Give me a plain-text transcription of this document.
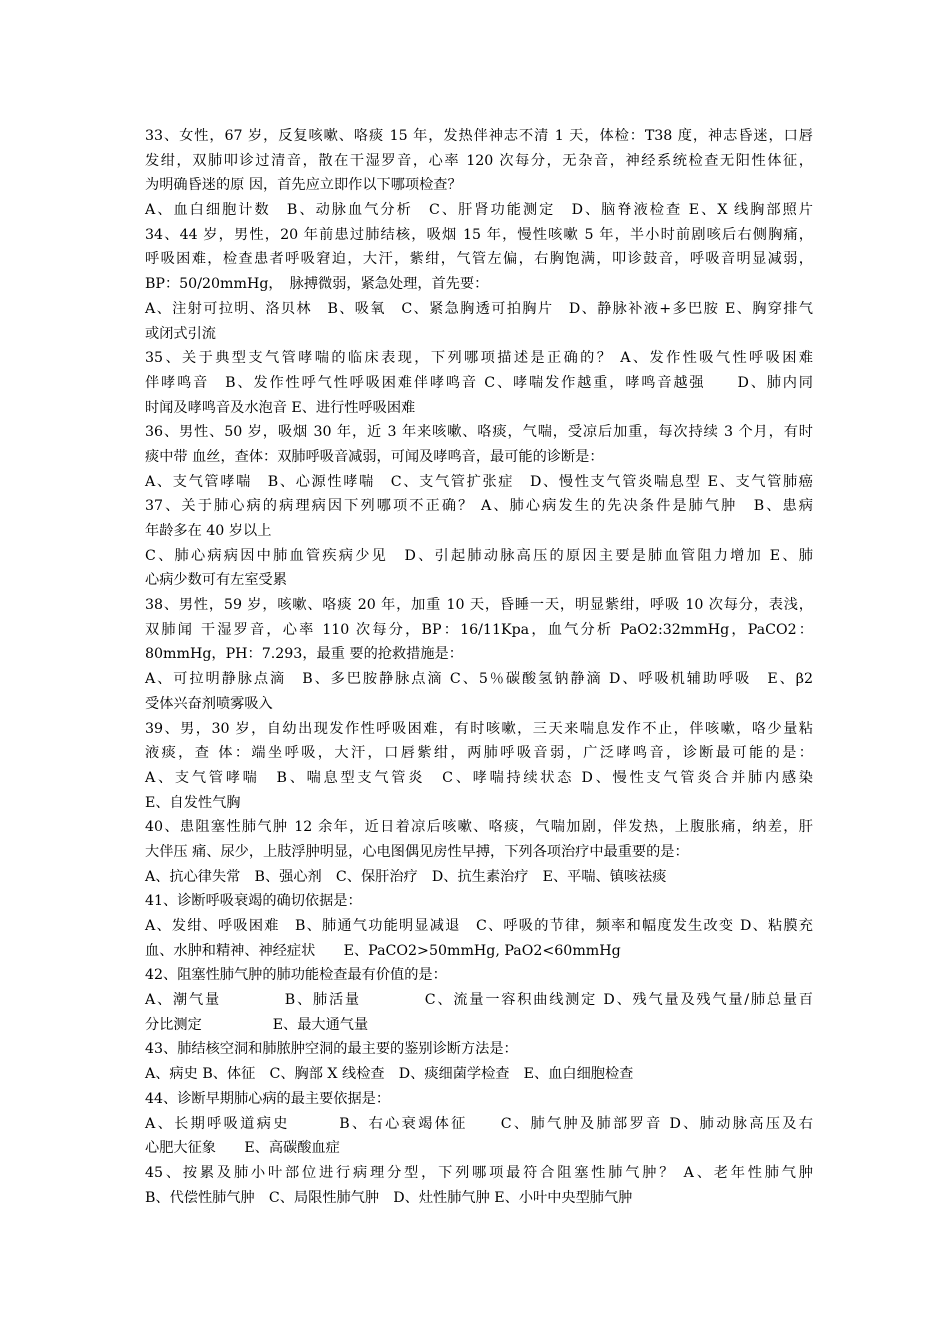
33、女性，67 岁，反复咳嗽、咯痰 15 年，发热伴神志不清 1 天，体检：T38 度，神志昏迷，口唇
发绀，双肺叩诊过清音，散在干湿罗音，心率 120 次每分，无杂音，神经系统检查无阳性体征，
为明确昏迷的原 因，首先应立即作以下哪项检查？
A、血白细胞计数　B、动脉血气分析　C、肝肾功能测定　D、脑脊液检查 E、X 线胸部照片
34、44 岁，男性，20 年前患过肺结核，吸烟 15 年，慢性咳嗽 5 年，半小时前剧咳后右侧胸痛，
呼吸困难，检查患者呼吸窘迫，大汗，紫绀，气管左偏，右胸饱满，叩诊鼓音，呼吸音明显减弱，
BP：50/20mmHg，　脉搏微弱，紧急处理，首先要：
A、注射可拉明、洛贝林　B、吸氧　C、紧急胸透可拍胸片　D、静脉补液+多巴胺 E、胸穿排气
或闭式引流
35、关于典型支气管哮喘的临床表现，下列哪项描述是正确的？ A、发作性吸气性呼吸困难
伴哮鸣音　B、发作性呼气性呼吸困难伴哮鸣音 C、哮喘发作越重，哮鸣音越强　　D、肺内同
时闻及哮鸣音及水泡音 E、进行性呼吸困难
36、男性、50 岁，吸烟 30 年，近 3 年来咳嗽、咯痰，气喘，受凉后加重，每次持续 3 个月，有时
痰中带 血丝，查体：双肺呼吸音减弱，可闻及哮鸣音，最可能的诊断是：
A、支气管哮喘　B、心源性哮喘　C、支气管扩张症　D、慢性支气管炎喘息型 E、支气管肺癌
37、关于肺心病的病理病因下列哪项不正确？ A、肺心病发生的先决条件是肺气肿　B、患病
年龄多在 40 岁以上
C、肺心病病因中肺血管疾病少见　D、引起肺动脉高压的原因主要是肺血管阻力增加 E、肺
心病少数可有左室受累
38、男性，59 岁，咳嗽、咯痰 20 年，加重 10 天，昏睡一天，明显紫绀，呼吸 10 次每分，表浅，
双肺闻 干湿罗音，心率 110 次每分，BP：16/11Kpa，血气分析 PaO2:32mmHg，PaCO2：
80mmHg，PH：7.293，最重 要的抢救措施是：
A、可拉明静脉点滴　B、多巴胺静脉点滴 C、5％碳酸氢钠静滴 D、呼吸机辅助呼吸　E、β2
受体兴奋剂喷雾吸入
39、男，30 岁，自幼出现发作性呼吸困难，有时咳嗽，三天来喘息发作不止，伴咳嗽，咯少量粘
液痰，查 体：端坐呼吸，大汗，口唇紫绀，两肺呼吸音弱，广泛哮鸣音，诊断最可能的是：
A、支气管哮喘　B、喘息型支气管炎　C、哮喘持续状态 D、慢性支气管炎合并肺内感染
E、自发性气胸
40、患阻塞性肺气肿 12 余年，近日着凉后咳嗽、咯痰，气喘加剧，伴发热，上腹胀痛，纳差，肝
大伴压 痛、尿少，上肢浮肿明显，心电图偶见房性早搏，下列各项治疗中最重要的是：
A、抗心律失常　B、强心剂　C、保肝治疗　D、抗生素治疗　E、平喘、镇咳祛痰
41、诊断呼吸衰竭的确切依据是：
A、发绀、呼吸困难　B、肺通气功能明显减退　C、呼吸的节律，频率和幅度发生改变 D、粘膜充
血、水肿和精神、神经症状　　E、PaCO2>50mmHg, PaO2<60mmHg
42、阻塞性肺气肿的肺功能检查最有价值的是：
A、潮气量　　　　B、肺活量　　　　C、流量一容积曲线测定 D、残气量及残气量/肺总量百
分比测定　　　　　E、最大通气量
43、肺结核空洞和肺脓肿空洞的最主要的鉴别诊断方法是：
A、病史 B、体征　C、胸部 X 线检查　D、痰细菌学检查　E、血白细胞检查
44、诊断早期肺心病的最主要依据是：
A、长期呼吸道病史　　　B、右心衰竭体征　　C、肺气肿及肺部罗音 D、肺动脉高压及右
心肥大征象　　E、高碳酸血症
45、按累及肺小叶部位进行病理分型，下列哪项最符合阻塞性肺气肿？ A、老年性肺气肿
B、代偿性肺气肿　C、局限性肺气肿　D、灶性肺气肿 E、小叶中央型肺气肿
